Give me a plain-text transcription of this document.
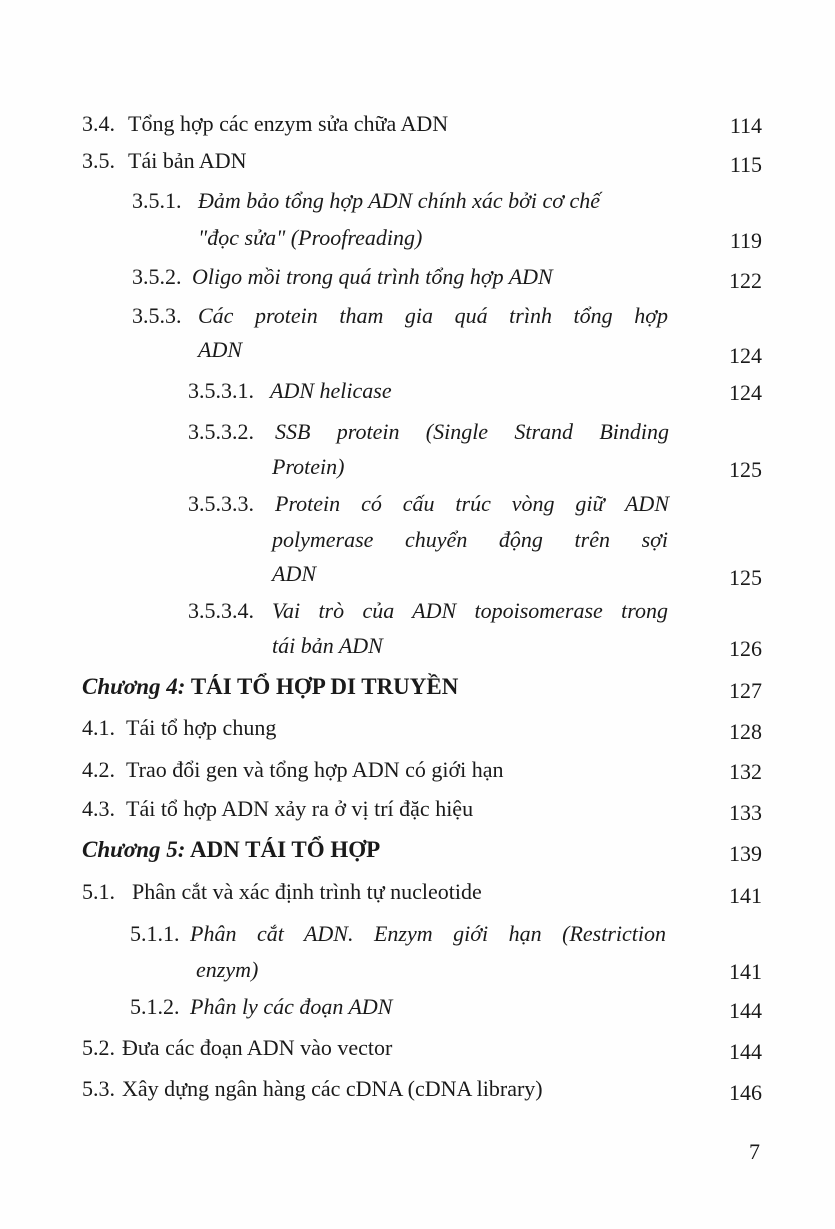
3.4. Tổng hợp các enzym sửa chữa ADN	114
3.5. Tái bản ADN	115
3.5.1. Đảm bảo tổng hợp ADN chính xác bởi cơ chế
"đọc sửa" (Proofreading)	119
3.5.2. Oligo mồi trong quá trình tổng hợp ADN	122
3.5.3. Các protein tham gia quá trình tổng hợp
ADN	124
3.5.3.1. ADN helicase	124
3.5.3.2. SSB protein (Single Strand Binding
Protein)	125
3.5.3.3. Protein có cấu trúc vòng giữ ADN
polymerase chuyển động trên sợi
ADN	125
3.5.3.4. Vai trò của ADN topoisomerase trong
tái bản ADN	126
Chương 4: TÁI TỔ HỢP DI TRUYỀN	127
4.1. Tái tổ hợp chung	128
4.2. Trao đổi gen và tổng hợp ADN có giới hạn	132
4.3. Tái tổ hợp ADN xảy ra ở vị trí đặc hiệu	133
Chương 5: ADN TÁI TỔ HỢP	139
5.1. Phân cắt và xác định trình tự nucleotide	141
5.1.1. Phân cắt ADN. Enzym giới hạn (Restriction
enzym)	141
5.1.2. Phân ly các đoạn ADN	144
5.2. Đưa các đoạn ADN vào vector	144
5.3. Xây dựng ngân hàng các cDNA (cDNA library)	146
7
